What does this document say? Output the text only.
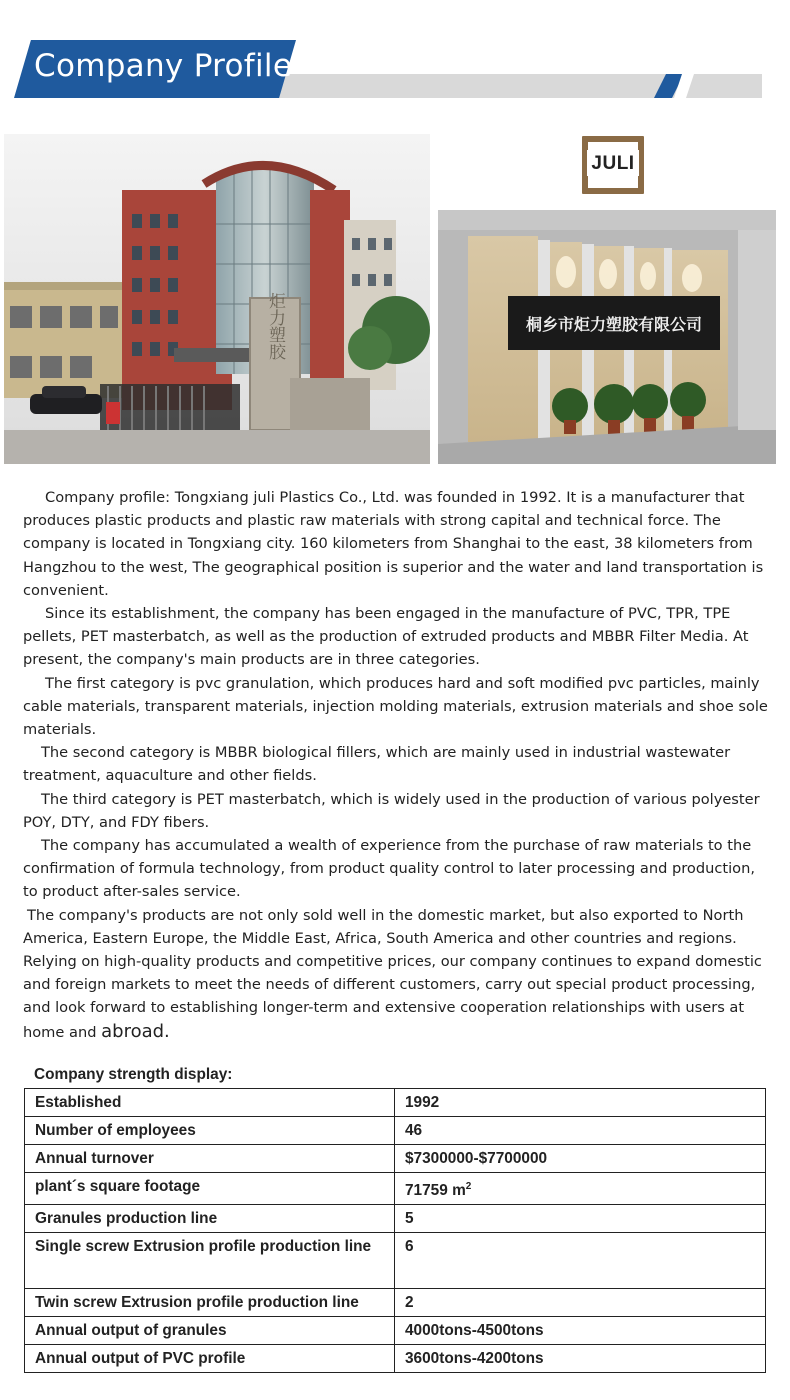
Company Profile
炬力塑胶
JULI
桐乡市炬力塑胶有限公司

Company profile: Tongxiang juli Plastics Co., Ltd. was founded in 1992. It is a manufacturer that produces plastic products and plastic raw materials with strong capital and technical force. The company is located in Tongxiang city. 160 kilometers from Shanghai to the east, 38 kilometers from Hangzhou to the west, The geographical position is superior and the water and land transportation is convenient.

Since its establishment, the company has been engaged in the manufacture of PVC, TPR, TPE pellets, PET masterbatch, as well as the production of extruded products and MBBR Filter Media. At present, the company's main products are in three categories.

The first category is pvc granulation, which produces hard and soft modified pvc particles, mainly cable materials, transparent materials, injection molding materials, extrusion materials and shoe sole materials.

The second category is MBBR biological fillers, which are mainly used in industrial wastewater treatment, aquaculture and other fields.

The third category is PET masterbatch, which is widely used in the production of various polyester POY, DTY, and FDY fibers.

The company has accumulated a wealth of experience from the purchase of raw materials to the confirmation of formula technology, from product quality control to later processing and production, to product after-sales service.

The company's products are not only sold well in the domestic market, but also exported to North America, Eastern Europe, the Middle East, Africa, South America and other countries and regions. Relying on high-quality products and competitive prices, our company continues to expand domestic and foreign markets to meet the needs of different customers, carry out special product processing, and look forward to establishing longer-term and extensive cooperation relationships with users at home and abroad.

Company strength display:
Established	1992
Number of employees	46
Annual turnover	$7300000-$7700000
plant´s square footage	71759 $m^2$
Granules production line	5
Single screw Extrusion profile production line	6
Twin screw Extrusion profile production line	2
Annual output of granules	4000tons-4500tons
Annual output of PVC profile	3600tons-4200tons
